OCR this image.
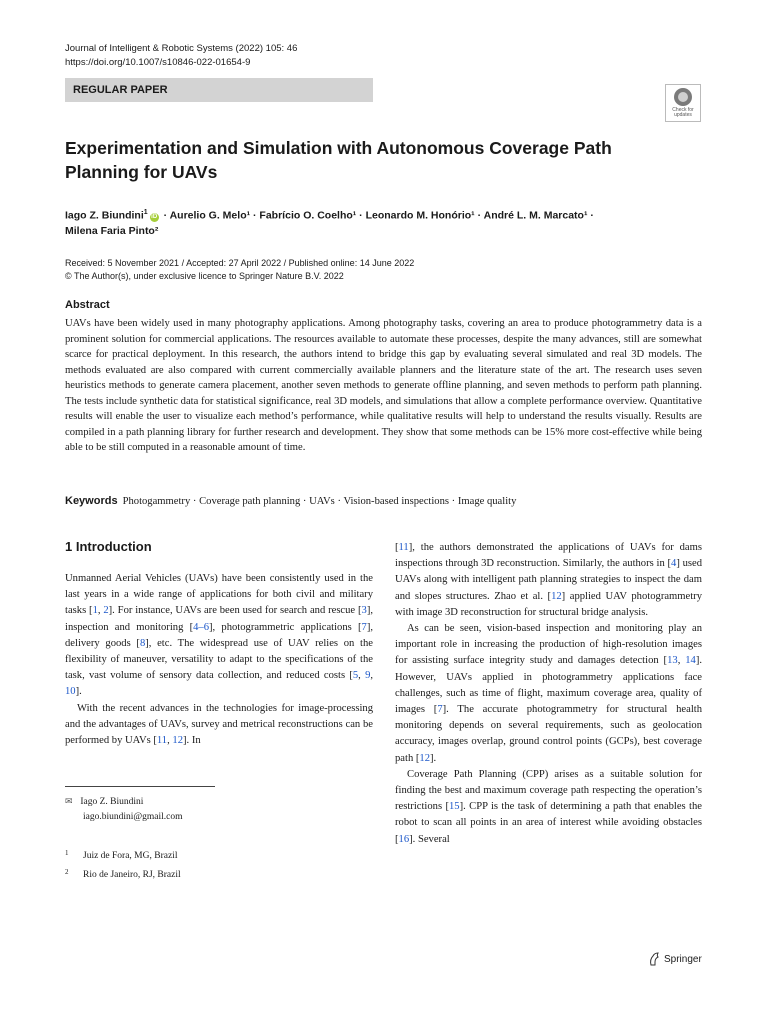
Journal of Intelligent & Robotic Systems (2022) 105: 46
https://doi.org/10.1007/s10846-022-01654-9
REGULAR PAPER
Check for updates
Experimentation and Simulation with Autonomous Coverage Path Planning for UAVs
Iago Z. Biundini$^1$iD · Aurelio G. Melo¹ · Fabrício O. Coelho¹ · Leonardo M. Honório¹ · André L. M. Marcato¹ ·
Milena Faria Pinto²
Received: 5 November 2021 / Accepted: 27 April 2022 / Published online: 14 June 2022
© The Author(s), under exclusive licence to Springer Nature B.V. 2022
Abstract
UAVs have been widely used in many photography applications. Among photography tasks, covering an area to produce photogrammetry data is a prominent solution for commercial applications. The resources available to automate these processes, despite the many advances, still are somewhat scarce for practical deployment. In this research, the authors intend to bridge this gap by evaluating several simulated and real 3D models. The methods evaluated are also compared with current commercially available planners and the literature state of the art. The research uses seven heuristics methods to generate camera placement, another seven methods to generate offline planning, and seven methods to perform path planning. The tests include synthetic data for statistical significance, real 3D models, and simulations that allow a complete performance overview. Quantitative results will enable the user to visualize each method’s performance, while qualitative results will help to understand the results visually. Results are compiled in a path planning library for further research and development. They show that some methods can be 15% more cost-effective while being able to be still computed in a reasonable amount of time.
Keywords Photogammetry · Coverage path planning · UAVs · Vision-based inspections · Image quality
1 Introduction

Unmanned Aerial Vehicles (UAVs) have been consistently used in the last years in a wide range of applications for both civil and military tasks [1, 2]. For instance, UAVs are been used for search and rescue [3], inspection and monitoring [4–6], photogrammetric applications [7], delivery goods [8], etc. The widespread use of UAV relies on the flexibility of maneuver, versatility to adapt to the specifications of the task, vast volume of sensory data collection, and reduced costs [5, 9, 10].

With the recent advances in the technologies for image-processing and the advantages of UAVs, survey and metrical reconstructions can be performed by UAVs [11, 12]. In

[11], the authors demonstrated the applications of UAVs for dams inspections through 3D reconstruction. Similarly, the authors in [4] used UAVs along with intelligent path planning strategies to inspect the dam and slopes structures. Zhao et al. [12] applied UAV photogrammetry with image 3D reconstruction for structural bridge analysis.

As can be seen, vision-based inspection and monitoring play an important role in increasing the production of high-resolution images for assisting surface integrity study and damages detection [13, 14]. However, UAVs applied in photogrammetry applications face challenges, such as time of flight, maximum coverage area, quality of images [7]. The accurate photogrammetry for structural health monitoring depends on several requirements, such as geolocation accuracy, images overlap, ground control points (GCPs), best coverage path [12].

Coverage Path Planning (CPP) arises as a suitable solution for finding the best and maximum coverage path respecting the operation’s restrictions [15]. CPP is the task of determining a path that enables the robot to scan all points in an area of interest while avoiding obstacles [16]. Several

✉ Iago Z. Biundini
iago.biundini@gmail.com
1 Juiz de Fora, MG, Brazil
2 Rio de Janeiro, RJ, Brazil
Springer
